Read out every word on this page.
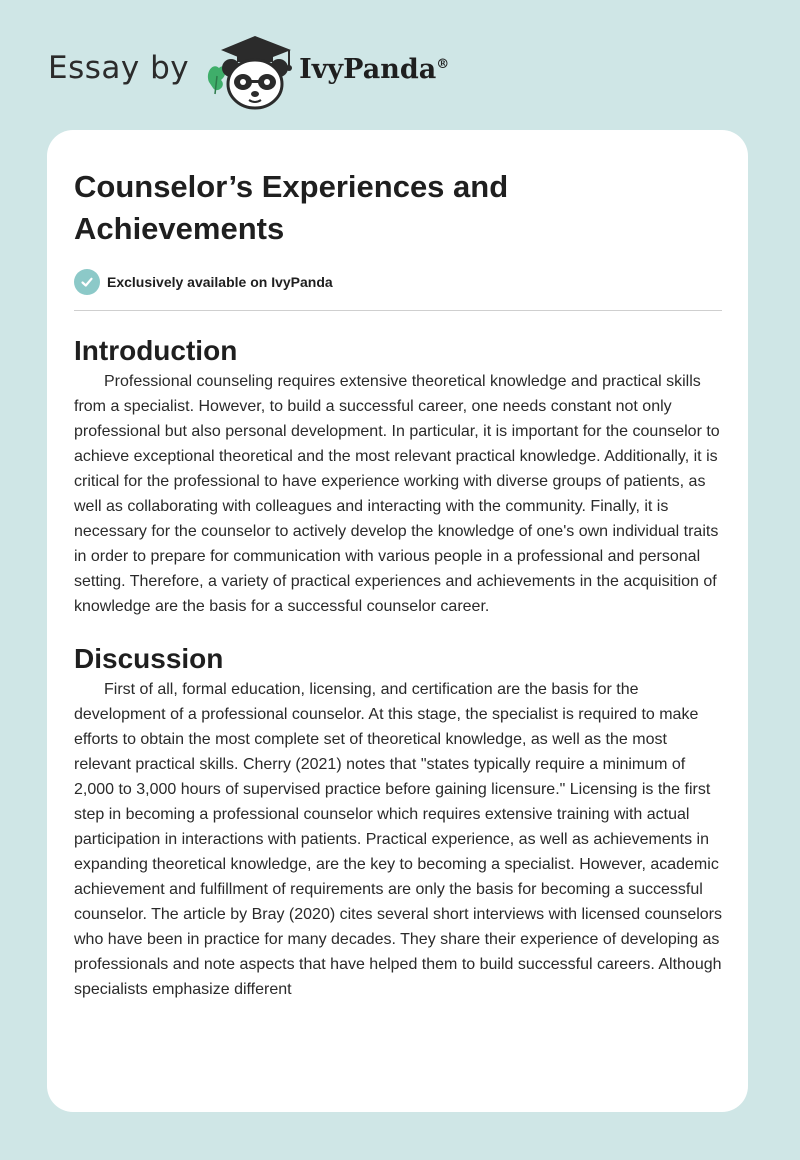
Essay by	IvyPanda®
Counselor’s Experiences and Achievements
Exclusively available on IvyPanda
Introduction

Professional counseling requires extensive theoretical knowledge and practical skills from a specialist. However, to build a successful career, one needs constant not only professional but also personal development. In particular, it is important for the counselor to achieve exceptional theoretical and the most relevant practical knowledge. Additionally, it is critical for the professional to have experience working with diverse groups of patients, as well as collaborating with colleagues and interacting with the community. Finally, it is necessary for the counselor to actively develop the knowledge of one's own individual traits in order to prepare for communication with various people in a professional and personal setting. Therefore, a variety of practical experiences and achievements in the acquisition of knowledge are the basis for a successful counselor career.

Discussion

First of all, formal education, licensing, and certification are the basis for the development of a professional counselor. At this stage, the specialist is required to make efforts to obtain the most complete set of theoretical knowledge, as well as the most relevant practical skills. Cherry (2021) notes that "states typically require a minimum of 2,000 to 3,000 hours of supervised practice before gaining licensure." Licensing is the first step in becoming a professional counselor which requires extensive training with actual participation in interactions with patients. Practical experience, as well as achievements in expanding theoretical knowledge, are the key to becoming a specialist. However, academic achievement and fulfillment of requirements are only the basis for becoming a successful counselor. The article by Bray (2020) cites several short interviews with licensed counselors who have been in practice for many decades. They share their experience of developing as professionals and note aspects that have helped them to build successful careers. Although specialists emphasize different
